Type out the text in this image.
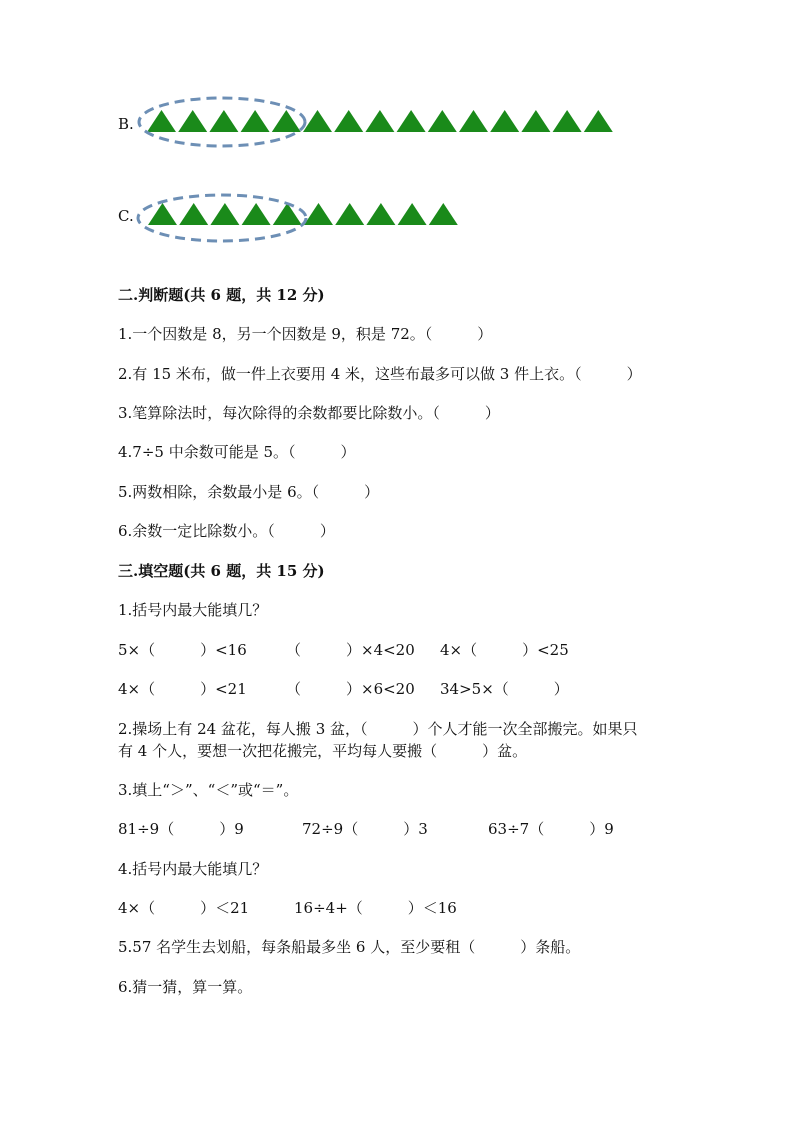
B.
C.
二.判断题(共 6 题，共 12 分)
1.一个因数是 8，另一个因数是 9，积是 72。（　　　）
2.有 15 米布，做一件上衣要用 4 米，这些布最多可以做 3 件上衣。（　　　）
3.笔算除法时，每次除得的余数都要比除数小。（　　　）
4.7÷5 中余数可能是 5。（　　　）
5.两数相除，余数最小是 6。（　　　）
6.余数一定比除数小。（　　　）
三.填空题(共 6 题，共 15 分)
1.括号内最大能填几？
5×（　　　）<16	（　　　）×4<20 4×（　　　）<25
4×（　　　）<21	（　　　）×6<20 34>5×（　　　）
2.操场上有 24 盆花，每人搬 3 盆，（　　　）个人才能一次全部搬完。如果只
有 4 个人，要想一次把花搬完，平均每人要搬（　　　）盆。
3.填上“＞”、“＜”或“＝”。
81÷9（　　　）9	72÷9（　　　）3	63÷7（　　　）9
4.括号内最大能填几？
4×（　　　）＜21	16÷4+（　　　）＜16
5.57 名学生去划船，每条船最多坐 6 人，至少要租（　　　）条船。
6.猜一猜，算一算。
